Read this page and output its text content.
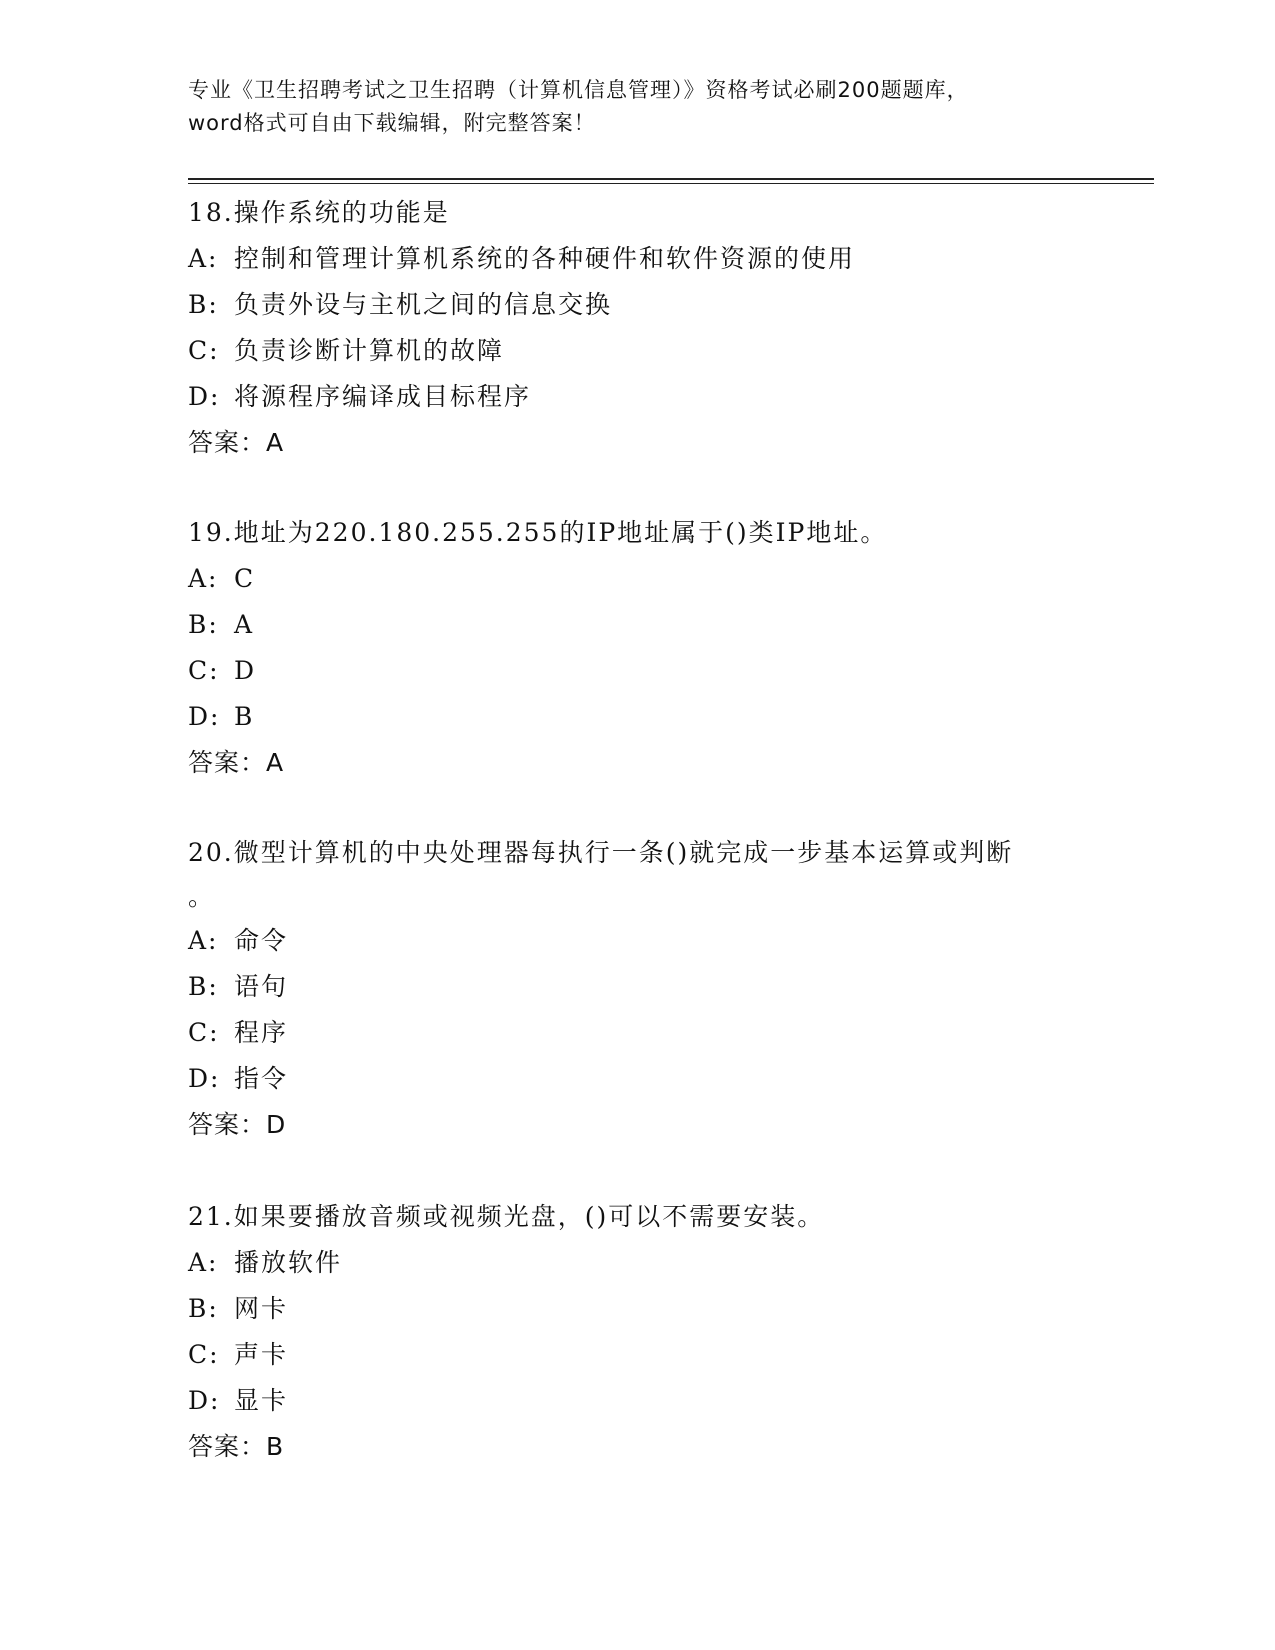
专业《卫生招聘考试之卫生招聘（计算机信息管理）》资格考试必刷200题题库，
word格式可自由下载编辑，附完整答案！
18.操作系统的功能是
A: 控制和管理计算机系统的各种硬件和软件资源的使用
B: 负责外设与主机之间的信息交换
C: 负责诊断计算机的故障
D: 将源程序编译成目标程序
答案：A
19.地址为220.180.255.255的IP地址属于()类IP地址。
A: C
B: A
C: D
D: B
答案：A
20.微型计算机的中央处理器每执行一条()就完成一步基本运算或判断
。
A: 命令
B: 语句
C: 程序
D: 指令
答案：D
21.如果要播放音频或视频光盘，()可以不需要安装。
A: 播放软件
B: 网卡
C: 声卡
D: 显卡
答案：B
